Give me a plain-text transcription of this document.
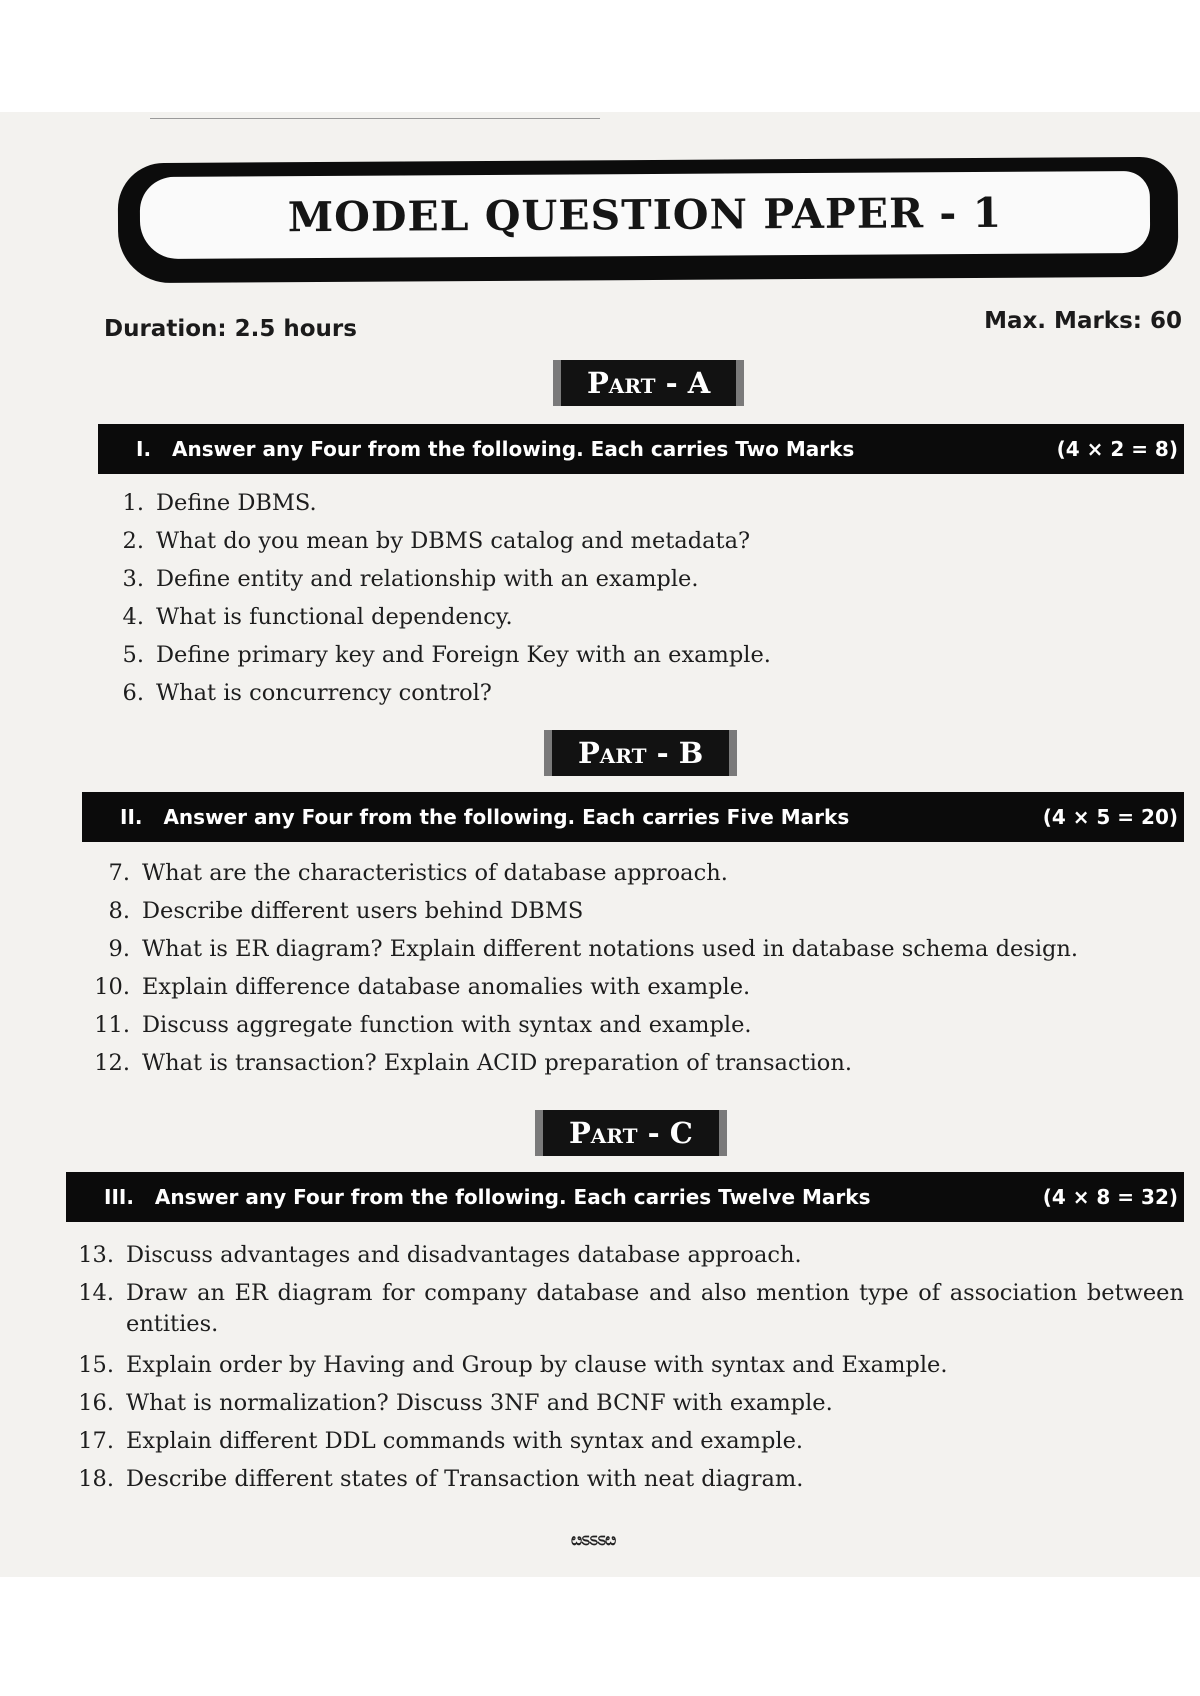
MODEL QUESTION PAPER - 1
Duration: 2.5 hours	Max. Marks: 60
Part - A
I. Answer any Four from the following. Each carries Two Marks	(4 × 2 = 8)
1. Define DBMS.
2. What do you mean by DBMS catalog and metadata?
3. Define entity and relationship with an example.
4. What is functional dependency.
5. Define primary key and Foreign Key with an example.
6. What is concurrency control?
Part - B
II. Answer any Four from the following. Each carries Five Marks	(4 × 5 = 20)
7. What are the characteristics of database approach.
8. Describe different users behind DBMS
9. What is ER diagram? Explain different notations used in database schema design.
10. Explain difference database anomalies with example.
11. Discuss aggregate function with syntax and example.
12. What is transaction? Explain ACID preparation of transaction.
Part - C
III. Answer any Four from the following. Each carries Twelve Marks	(4 × 8 = 32)
13. Discuss advantages and disadvantages database approach.
14. Draw an ER diagram for company database and also mention type of association between entities.
15. Explain order by Having and Group by clause with syntax and Example.
16. What is normalization? Discuss 3NF and BCNF with example.
17. Explain different DDL commands with syntax and example.
18. Describe different states of Transaction with neat diagram.
ೞಽಽಽೞ
